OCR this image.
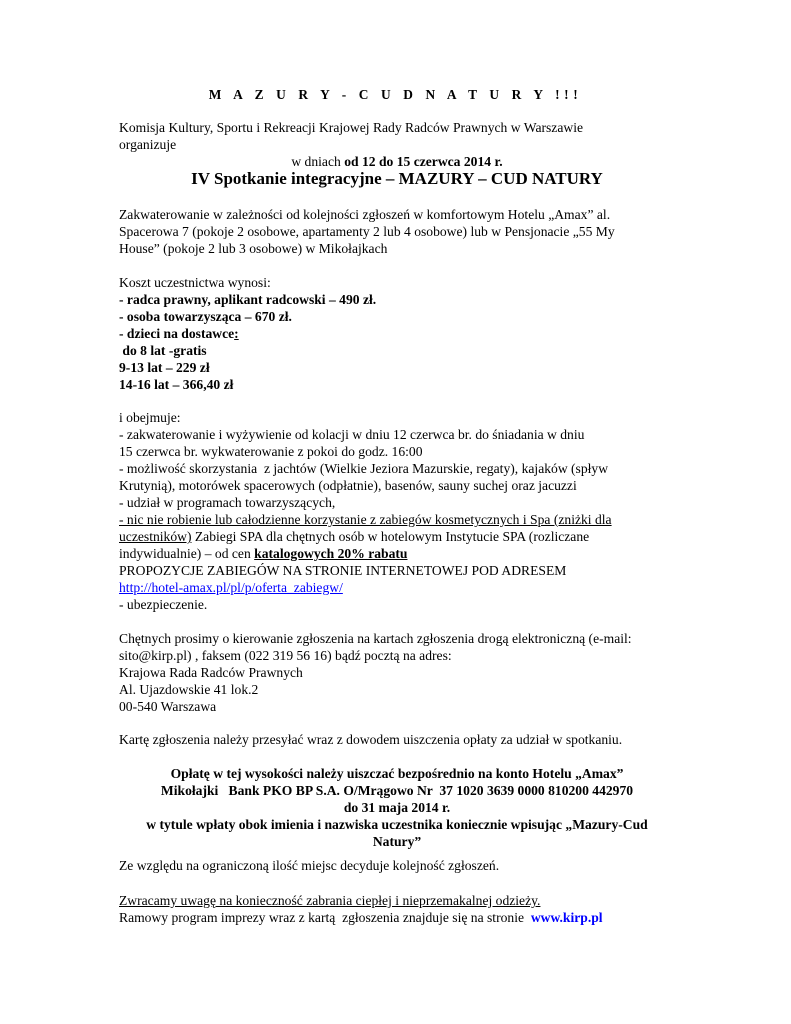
M A Z U R Y - C U D N A T U R Y !!!
Komisja Kultury, Sportu i Rekreacji Krajowej Rady Radców Prawnych w Warszawie
organizuje
w dniach od 12 do 15 czerwca 2014 r.
IV Spotkanie integracyjne – MAZURY – CUD NATURY
Zakwaterowanie w zależności od kolejności zgłoszeń w komfortowym Hotelu „Amax” al.
Spacerowa 7 (pokoje 2 osobowe, apartamenty 2 lub 4 osobowe) lub w Pensjonacie „55 My
House” (pokoje 2 lub 3 osobowe) w Mikołajkach
Koszt uczestnictwa wynosi:
- radca prawny, aplikant radcowski – 490 zł.
- osoba towarzysząca – 670 zł.
- dzieci na dostawce:
do 8 lat -gratis
9-13 lat – 229 zł
14-16 lat – 366,40 zł
i obejmuje:
- zakwaterowanie i wyżywienie od kolacji w dniu 12 czerwca br. do śniadania w dniu
15 czerwca br. wykwaterowanie z pokoi do godz. 16:00
- możliwość skorzystania  z jachtów (Wielkie Jeziora Mazurskie, regaty), kajaków (spływ
Krutynią), motorówek spacerowych (odpłatnie), basenów, sauny suchej oraz jacuzzi
- udział w programach towarzyszących,
- nic nie robienie lub całodzienne korzystanie z zabiegów kosmetycznych i Spa (zniżki dla
uczestników) Zabiegi SPA dla chętnych osób w hotelowym Instytucie SPA (rozliczane
indywidualnie) – od cen katalogowych 20% rabatu
PROPOZYCJE ZABIEGÓW NA STRONIE INTERNETOWEJ POD ADRESEM
http://hotel-amax.pl/pl/p/oferta_zabiegw/
- ubezpieczenie.
Chętnych prosimy o kierowanie zgłoszenia na kartach zgłoszenia drogą elektroniczną (e-mail:
sito@kirp.pl) , faksem (022 319 56 16) bądź pocztą na adres:
Krajowa Rada Radców Prawnych
Al. Ujazdowskie 41 lok.2
00-540 Warszawa
Kartę zgłoszenia należy przesyłać wraz z dowodem uiszczenia opłaty za udział w spotkaniu.
Opłatę w tej wysokości należy uiszczać bezpośrednio na konto Hotelu „Amax”
Mikołajki   Bank PKO BP S.A. O/Mrągowo Nr  37 1020 3639 0000 810200 442970
do 31 maja 2014 r.
w tytule wpłaty obok imienia i nazwiska uczestnika koniecznie wpisując „Mazury-Cud
Natury”
Ze względu na ograniczoną ilość miejsc decyduje kolejność zgłoszeń.
Zwracamy uwagę na konieczność zabrania ciepłej i nieprzemakalnej odzieży.
Ramowy program imprezy wraz z kartą  zgłoszenia znajduje się na stronie  www.kirp.pl
